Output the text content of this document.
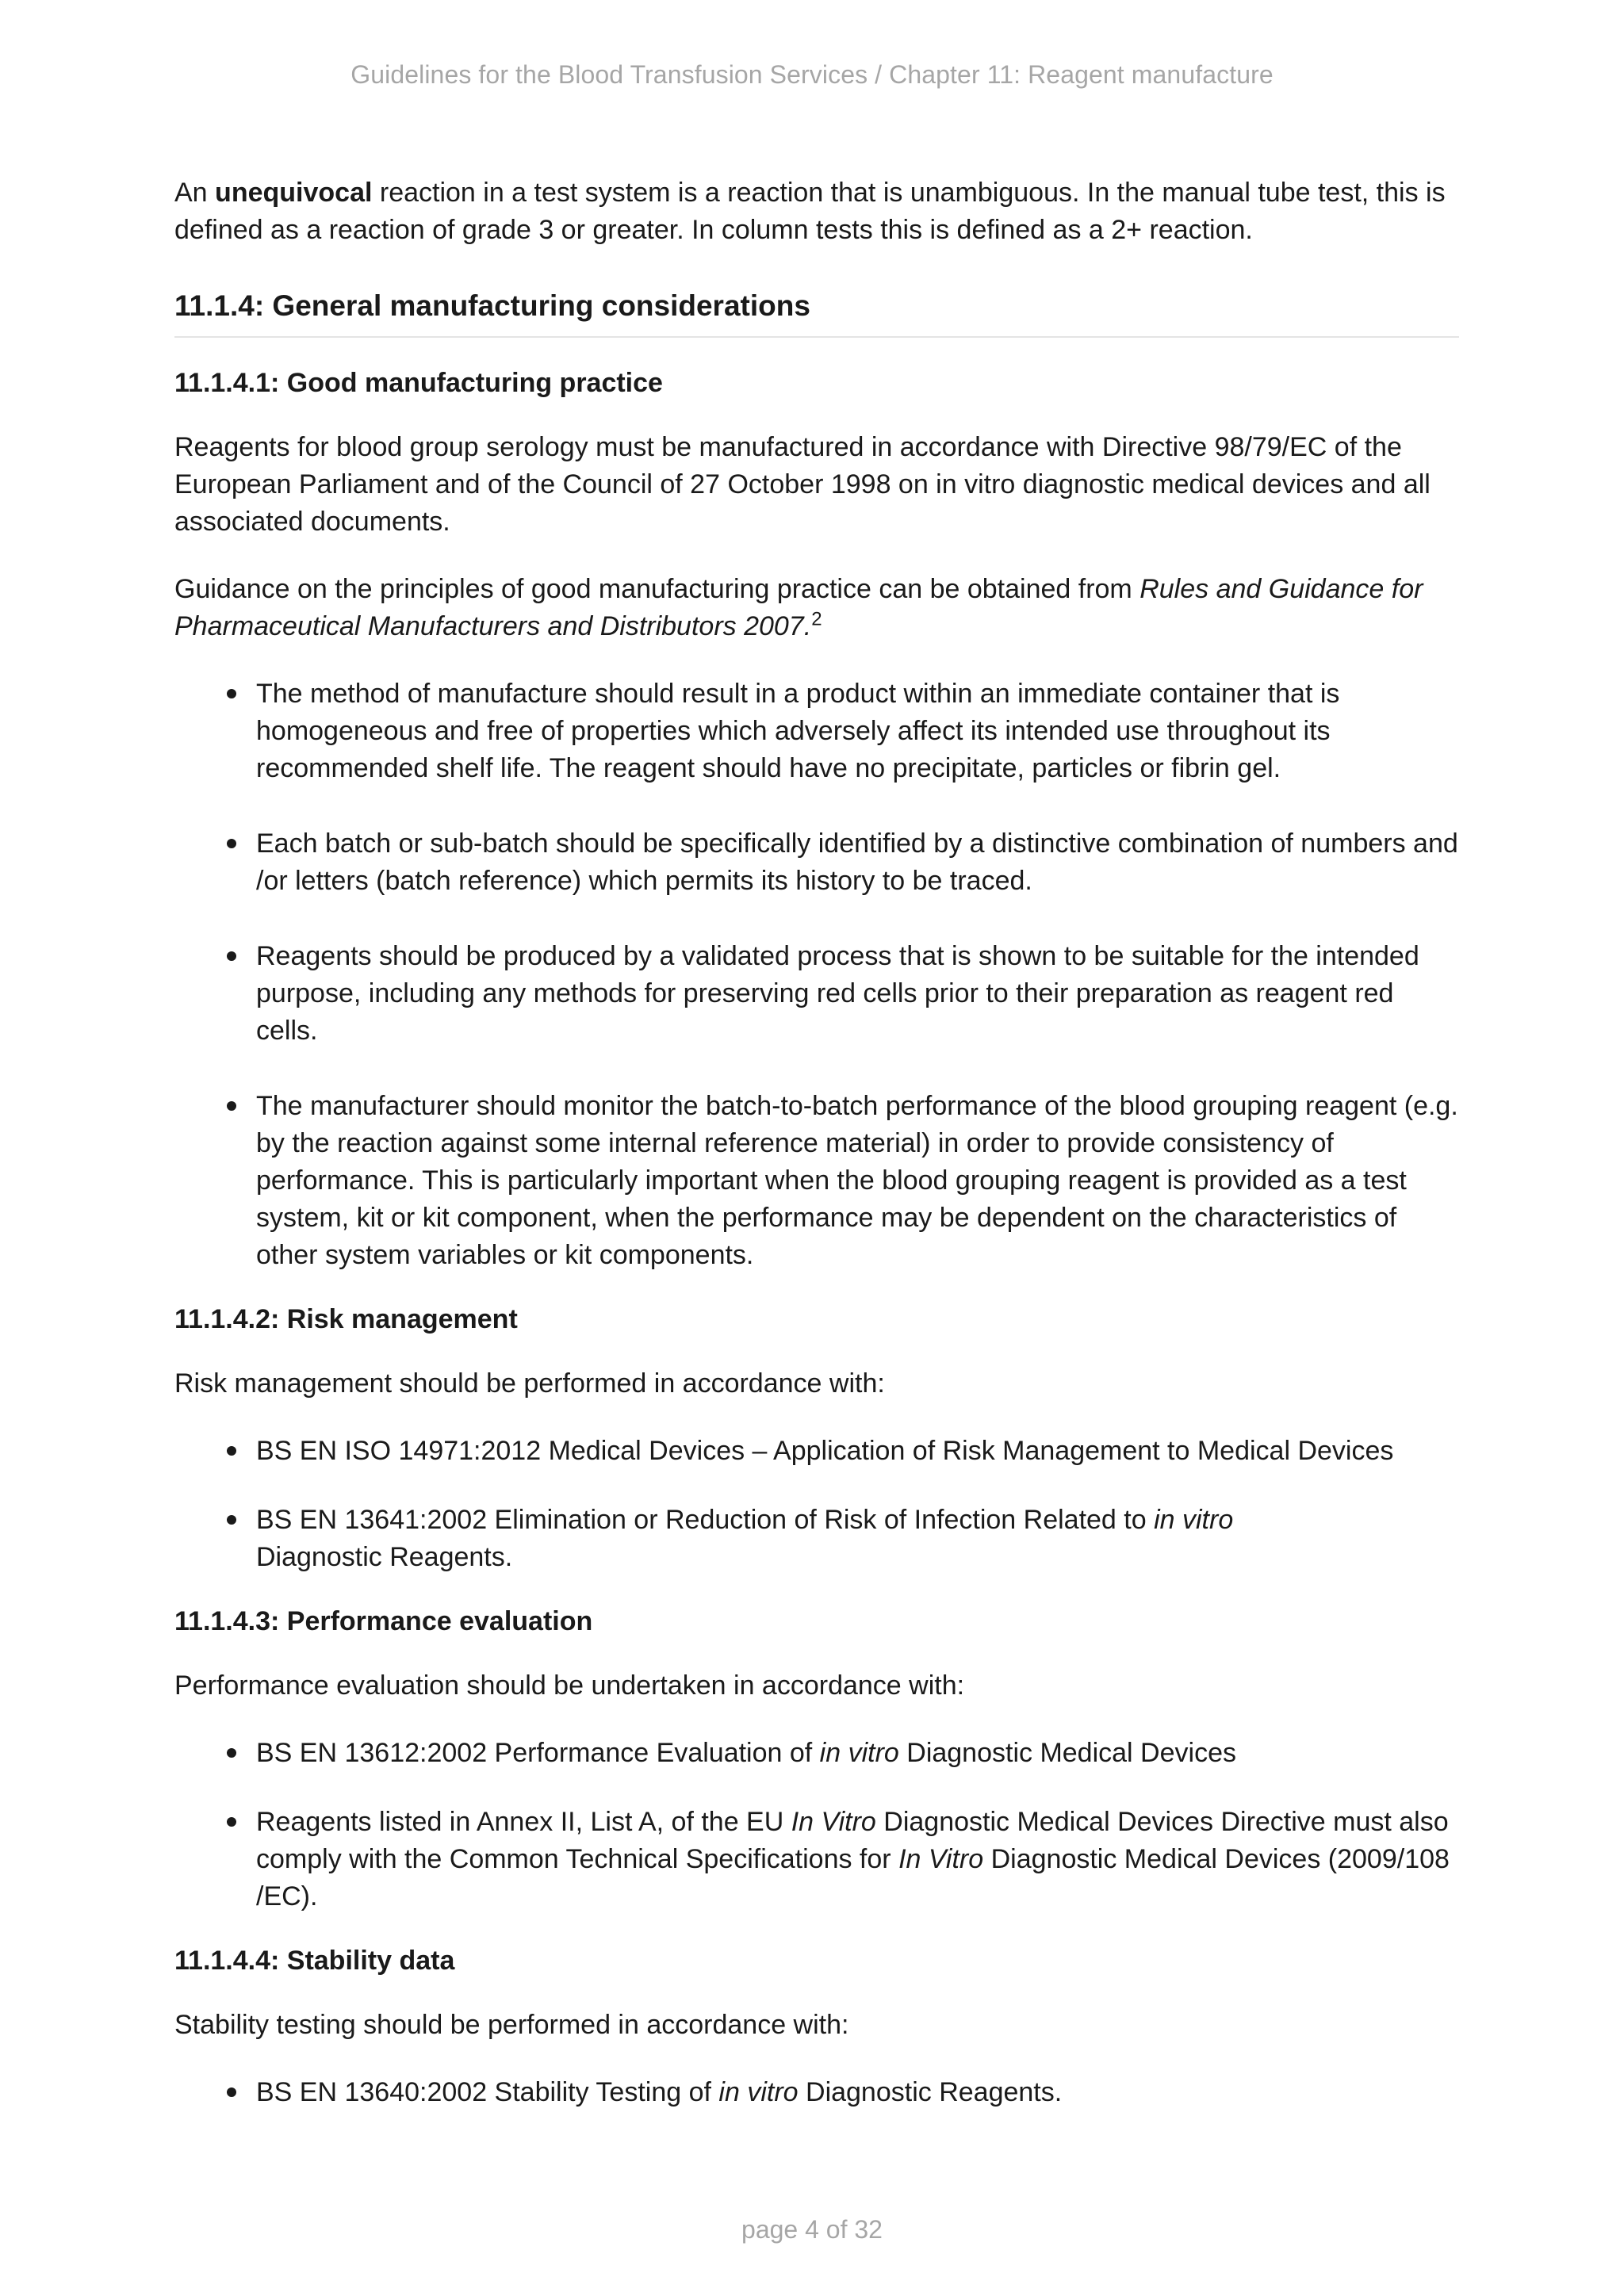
Guidelines for the Blood Transfusion Services / Chapter 11: Reagent manufacture

An unequivocal reaction in a test system is a reaction that is unambiguous. In the manual tube test, this is defined as a reaction of grade 3 or greater. In column tests this is defined as a 2+ reaction.

11.1.4: General manufacturing considerations
11.1.4.1: Good manufacturing practice

Reagents for blood group serology must be manufactured in accordance with Directive 98/79/EC of the European Parliament and of the Council of 27 October 1998 on in vitro diagnostic medical devices and all associated documents.

Guidance on the principles of good manufacturing practice can be obtained from Rules and Guidance for Pharmaceutical Manufacturers and Distributors 2007.$^2$

The method of manufacture should result in a product within an immediate container that is homogeneous and free of properties which adversely affect its intended use throughout its recommended shelf life. The reagent should have no precipitate, particles or fibrin gel.
Each batch or sub-batch should be specifically identified by a distinctive combination of numbers and /or letters (batch reference) which permits its history to be traced.
Reagents should be produced by a validated process that is shown to be suitable for the intended purpose, including any methods for preserving red cells prior to their preparation as reagent red cells.
The manufacturer should monitor the batch-to-batch performance of the blood grouping reagent (e.g. by the reaction against some internal reference material) in order to provide consistency of performance. This is particularly important when the blood grouping reagent is provided as a test system, kit or kit component, when the performance may be dependent on the characteristics of other system variables or kit components.
11.1.4.2: Risk management

Risk management should be performed in accordance with:

BS EN ISO 14971:2012 Medical Devices – Application of Risk Management to Medical Devices
BS EN 13641:2002 Elimination or Reduction of Risk of Infection Related to in vitro
Diagnostic Reagents.
11.1.4.3: Performance evaluation

Performance evaluation should be undertaken in accordance with:

BS EN 13612:2002 Performance Evaluation of in vitro Diagnostic Medical Devices
Reagents listed in Annex II, List A, of the EU In Vitro Diagnostic Medical Devices Directive must also comply with the Common Technical Specifications for In Vitro Diagnostic Medical Devices (2009/108 /EC).
11.1.4.4: Stability data

Stability testing should be performed in accordance with:

BS EN 13640:2002 Stability Testing of in vitro Diagnostic Reagents.
page 4 of 32
